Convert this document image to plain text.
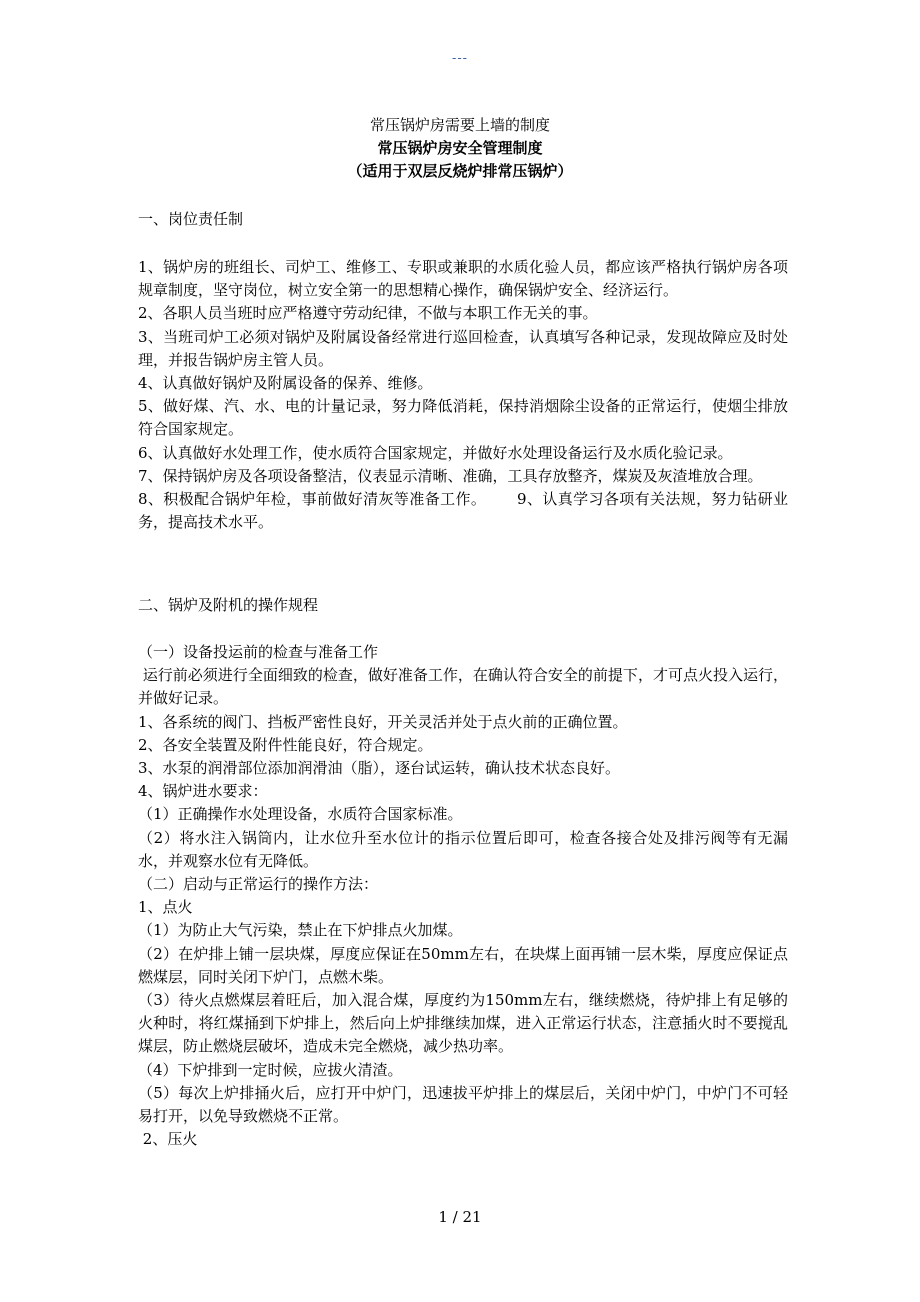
---
常压锅炉房需要上墙的制度
常压锅炉房安全管理制度
（适用于双层反烧炉排常压锅炉）
一、岗位责任制

1、锅炉房的班组长、司炉工、维修工、专职或兼职的水质化验人员，都应该严格执行锅炉房各项规章制度，坚守岗位，树立安全第一的思想精心操作，确保锅炉安全、经济运行。

2、各职人员当班时应严格遵守劳动纪律，不做与本职工作无关的事。

3、当班司炉工必须对锅炉及附属设备经常进行巡回检查，认真填写各种记录，发现故障应及时处理，并报告锅炉房主管人员。

4、认真做好锅炉及附属设备的保养、维修。

5、做好煤、汽、水、电的计量记录，努力降低消耗，保持消烟除尘设备的正常运行，使烟尘排放符合国家规定。

6、认真做好水处理工作，使水质符合国家规定，并做好水处理设备运行及水质化验记录。

7、保持锅炉房及各项设备整洁，仪表显示清晰、准确，工具存放整齐，煤炭及灰渣堆放合理。

8、积极配合锅炉年检，事前做好清灰等准备工作。      9、认真学习各项有关法规，努力钻研业务，提高技术水平。

二、锅炉及附机的操作规程

（一）设备投运前的检查与准备工作

运行前必须进行全面细致的检查，做好准备工作，在确认符合安全的前提下，才可点火投入运行，并做好记录。

1、各系统的阀门、挡板严密性良好，开关灵活并处于点火前的正确位置。

2、各安全装置及附件性能良好，符合规定。

3、水泵的润滑部位添加润滑油（脂），逐台试运转，确认技术状态良好。

4、锅炉进水要求：

（1）正确操作水处理设备，水质符合国家标准。

（2）将水注入锅筒内，让水位升至水位计的指示位置后即可，检查各接合处及排污阀等有无漏水，并观察水位有无降低。

（二）启动与正常运行的操作方法：

1、点火

（1）为防止大气污染，禁止在下炉排点火加煤。

（2）在炉排上铺一层块煤，厚度应保证在50mm左右，在块煤上面再铺一层木柴，厚度应保证点燃煤层，同时关闭下炉门，点燃木柴。

（3）待火点燃煤层着旺后，加入混合煤，厚度约为150mm左右，继续燃烧，待炉排上有足够的火种时，将红煤捅到下炉排上，然后向上炉排继续加煤，进入正常运行状态，注意插火时不要搅乱煤层，防止燃烧层破坏，造成未完全燃烧，减少热功率。

（4）下炉排到一定时候，应拔火清渣。

（5）每次上炉排捅火后，应打开中炉门，迅速拔平炉排上的煤层后，关闭中炉门，中炉门不可轻易打开，以免导致燃烧不正常。

2、压火

1 / 21
